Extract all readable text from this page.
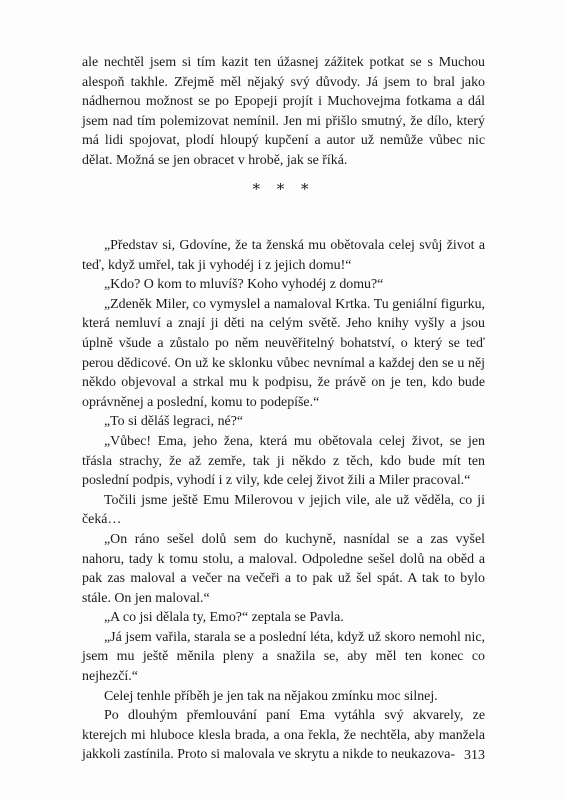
ale nechtěl jsem si tím kazit ten úžasnej zážitek potkat se s Muchou alespoň takhle. Zřejmě měl nějaký svý důvody. Já jsem to bral jako nádhernou možnost se po Epopeji projít i Muchovejma fotkama a dál jsem nad tím polemizovat nemínil. Jen mi přišlo smutný, že dílo, který má lidi spojovat, plodí hloupý kupčení a autor už nemůže vůbec nic dělat. Možná se jen obracet v hrobě, jak se říká.

* * *

„Představ si, Gdovíne, že ta ženská mu obětovala celej svůj život a teď, když umřel, tak ji vyhodéj i z jejich domu!“

„Kdo? O kom to mluvíš? Koho vyhodéj z domu?“

„Zdeněk Miler, co vymyslel a namaloval Krtka. Tu geniální figurku, která nemluví a znají ji děti na celým světě. Jeho knihy vyšly a jsou úplně všude a zůstalo po něm neuvěřitelný bohatství, o který se teď perou dědicové. On už ke sklonku vůbec nevnímal a každej den se u něj někdo objevoval a strkal mu k podpisu, že právě on je ten, kdo bude oprávněnej a poslední, komu to podepíše.“

„To si děláš legraci, né?“

„Vůbec! Ema, jeho žena, která mu obětovala celej život, se jen třásla strachy, že až zemře, tak ji někdo z těch, kdo bude mít ten poslední podpis, vyhodí i z vily, kde celej život žili a Miler pracoval.“

Točili jsme ještě Emu Milerovou v jejich vile, ale už věděla, co ji čeká…

„On ráno sešel dolů sem do kuchyně, nasnídal se a zas vyšel nahoru, tady k tomu stolu, a maloval. Odpoledne sešel dolů na oběd a pak zas maloval a večer na večeři a to pak už šel spát. A tak to bylo stále. On jen maloval.“

„A co jsi dělala ty, Emo?“ zeptala se Pavla.

„Já jsem vařila, starala se a poslední léta, když už skoro nemohl nic, jsem mu ještě měnila pleny a snažila se, aby měl ten konec co nejhezčí.“

Celej tenhle příběh je jen tak na nějakou zmínku moc silnej.

Po dlouhým přemlouvání paní Ema vytáhla svý akvarely, ze kterejch mi hluboce klesla brada, a ona řekla, že nechtěla, aby manžela jakkoli zastínila. Proto si malovala ve skrytu a nikde to neukazova- 313
